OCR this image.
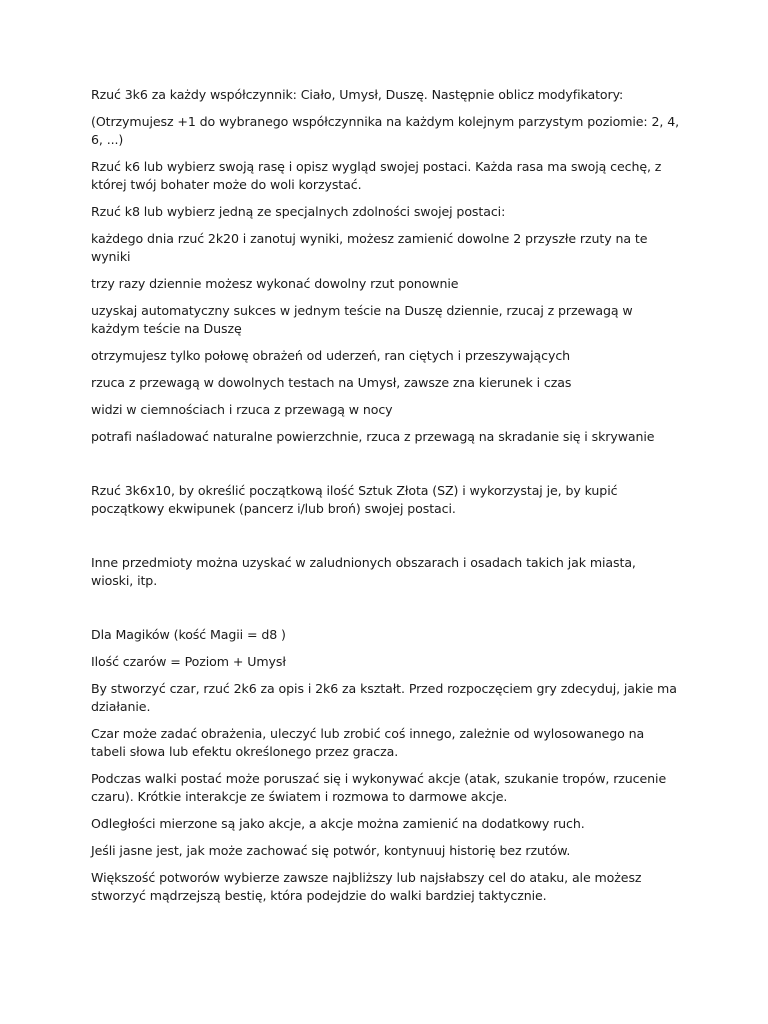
Rzuć 3k6 za każdy współczynnik: Ciało, Umysł, Duszę. Następnie oblicz modyfikatory:

(Otrzymujesz +1 do wybranego współczynnika na każdym kolejnym parzystym poziomie: 2, 4, 6, ...)

Rzuć k6 lub wybierz swoją rasę i opisz wygląd swojej postaci. Każda rasa ma swoją cechę, z której twój bohater może do woli korzystać.

Rzuć k8 lub wybierz jedną ze specjalnych zdolności swojej postaci:

każdego dnia rzuć 2k20 i zanotuj wyniki, możesz zamienić dowolne 2 przyszłe rzuty na te wyniki

trzy razy dziennie możesz wykonać dowolny rzut ponownie

uzyskaj automatyczny sukces w jednym teście na Duszę dziennie, rzucaj z przewagą w każdym teście na Duszę

otrzymujesz tylko połowę obrażeń od uderzeń, ran ciętych i przeszywających

rzuca z przewagą w dowolnych testach na Umysł, zawsze zna kierunek i czas

widzi w ciemnościach i rzuca z przewagą w nocy

potrafi naśladować naturalne powierzchnie, rzuca z przewagą na skradanie się i skrywanie

Rzuć 3k6x10, by określić początkową ilość Sztuk Złota (SZ) i wykorzystaj je, by kupić początkowy ekwipunek (pancerz i/lub broń) swojej postaci.

Inne przedmioty można uzyskać w zaludnionych obszarach i osadach takich jak miasta, wioski, itp.

Dla Magików (kość Magii = d8 )

Ilość czarów = Poziom + Umysł

By stworzyć czar, rzuć 2k6 za opis i 2k6 za kształt. Przed rozpoczęciem gry zdecyduj, jakie ma działanie.

Czar może zadać obrażenia, uleczyć lub zrobić coś innego, zależnie od wylosowanego na tabeli słowa lub efektu określonego przez gracza.

Podczas walki postać może poruszać się i wykonywać akcje (atak, szukanie tropów, rzucenie czaru). Krótkie interakcje ze światem i rozmowa to darmowe akcje.

Odległości mierzone są jako akcje, a akcje można zamienić na dodatkowy ruch.

Jeśli jasne jest, jak może zachować się potwór, kontynuuj historię bez rzutów.

Większość potworów wybierze zawsze najbliższy lub najsłabszy cel do ataku, ale możesz stworzyć mądrzejszą bestię, która podejdzie do walki bardziej taktycznie.
